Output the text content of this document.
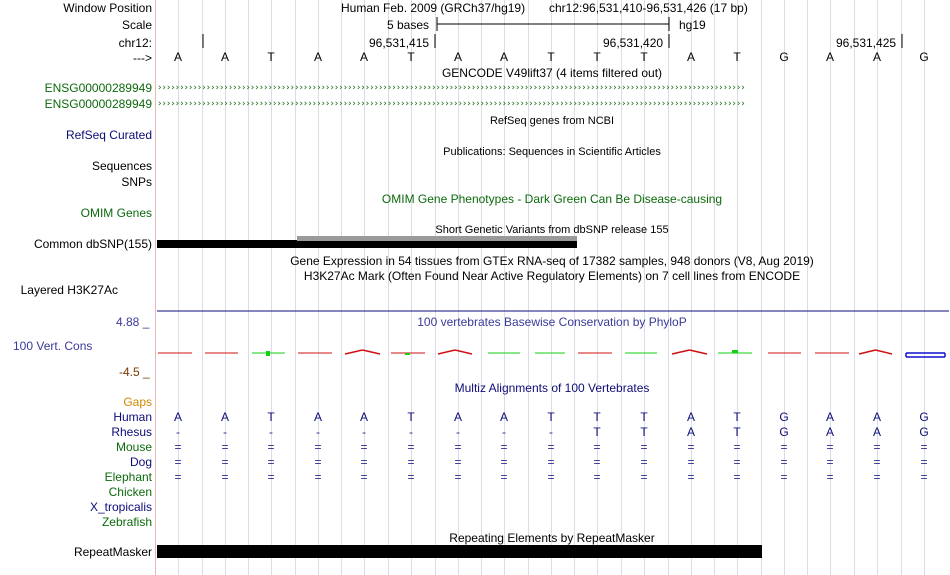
Window Position
Scale
chr12:
--->
Human Feb. 2009 (GRCh37/hg19) chr12:96,531,410-96,531,426 (17 bp)
5 bases	hg19
96,531,415	96,531,420	96,531,425
A	A	T	A	A	T	A	A	T	T	T	A	T	G	A	A	G
GENCODE V49lift37 (4 items filtered out)
ENSG00000289949 ›››››››››››››››››››››››››››››››››››››››››››››››››››››››››››››››››››››››››››››››››››››››››››››››››››››››››››››››››››››››››››››››››››››
ENSG00000289949 ›››››››››››››››››››››››››››››››››››››››››››››››››››››››››››››››››››››››››››››››››››››››››››››››››››››››››››››››››››››››››››››››››››››
RefSeq genes from NCBI
RefSeq Curated
Publications: Sequences in Scientific Articles
Sequences
SNPs
OMIM Gene Phenotypes - Dark Green Can Be Disease-causing
OMIM Genes
Short Genetic Variants from dbSNP release 155
Common dbSNP(155)
Gene Expression in 54 tissues from GTEx RNA-seq of 17382 samples, 948 donors (V8, Aug 2019)
H3K27Ac Mark (Often Found Near Active Regulatory Elements) on 7 cell lines from ENCODE
Layered H3K27Ac
4.88 _	100 vertebrates Basewise Conservation by PhyloP
100 Vert. Cons
-4.5 _
Multiz Alignments of 100 Vertebrates
Gaps
Human A	A	T	A	A	T	A	A	T	T	T	A	T	G	A	A	G
Rhesus -	-	-	-	-	-	-	-	-	T	T	A	T	G	A	A	G
Mouse =	=	=	=	=	=	=	=	=	=	=	=	=	=	=	=	=
Dog =	=	=	=	=	=	=	=	=	=	=	=	=	=	=	=	=
Elephant =	=	=	=	=	=	=	=	=	=	=	=	=	=	=	=	=
Chicken
X_tropicalis
Zebrafish
Repeating Elements by RepeatMasker
RepeatMasker
